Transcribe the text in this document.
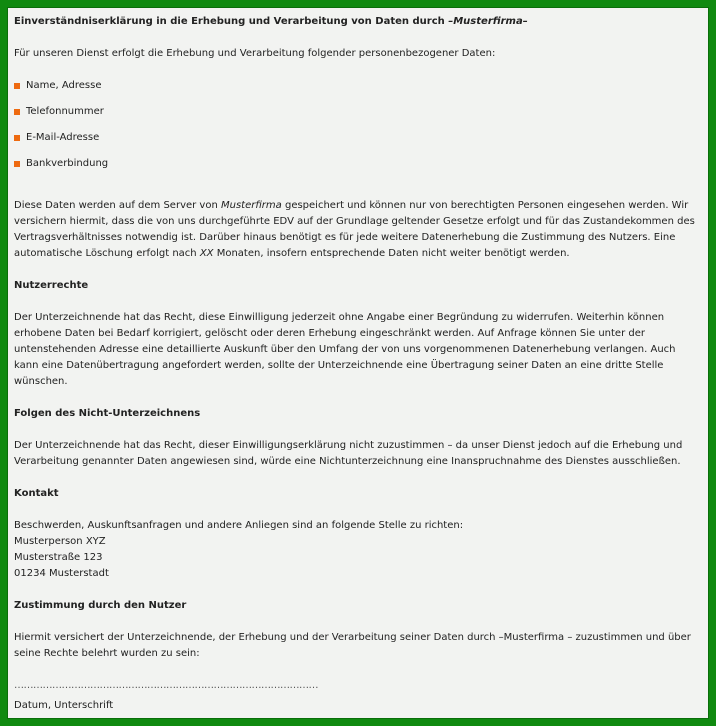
Einverständniserklärung in die Erhebung und Verarbeitung von Daten durch –Musterfirma–

Für unseren Dienst erfolgt die Erhebung und Verarbeitung folgender personenbezogener Daten:

Name, Adresse
Telefonnummer
E-Mail-Adresse
Bankverbindung

Diese Daten werden auf dem Server von Musterfirma gespeichert und können nur von berechtigten Personen eingesehen werden. Wir versichern hiermit, dass die von uns durchgeführte EDV auf der Grundlage geltender Gesetze erfolgt und für das Zustandekommen des Vertragsverhältnisses notwendig ist. Darüber hinaus benötigt es für jede weitere Datenerhebung die Zustimmung des Nutzers. Eine automatische Löschung erfolgt nach XX Monaten, insofern entsprechende Daten nicht weiter benötigt werden.

Nutzerrechte

Der Unterzeichnende hat das Recht, diese Einwilligung jederzeit ohne Angabe einer Begründung zu widerrufen. Weiterhin können erhobene Daten bei Bedarf korrigiert, gelöscht oder deren Erhebung eingeschränkt werden. Auf Anfrage können Sie unter der untenstehenden Adresse eine detaillierte Auskunft über den Umfang der von uns vorgenommenen Datenerhebung verlangen. Auch kann eine Datenübertragung angefordert werden, sollte der Unterzeichnende eine Übertragung seiner Daten an eine dritte Stelle wünschen.

Folgen des Nicht-Unterzeichnens

Der Unterzeichnende hat das Recht, dieser Einwilligungserklärung nicht zuzustimmen – da unser Dienst jedoch auf die Erhebung und Verarbeitung genannter Daten angewiesen sind, würde eine Nichtunterzeichnung eine Inanspruchnahme des Dienstes ausschließen.

Kontakt

Beschwerden, Auskunftsanfragen und andere Anliegen sind an folgende Stelle zu richten:

Musterperson XYZ

Musterstraße 123

01234 Musterstadt

Zustimmung durch den Nutzer

Hiermit versichert der Unterzeichnende, der Erhebung und der Verarbeitung seiner Daten durch –Musterfirma – zuzustimmen und über seine Rechte belehrt wurden zu sein:

……………………………………………………………………………………

Datum, Unterschrift
